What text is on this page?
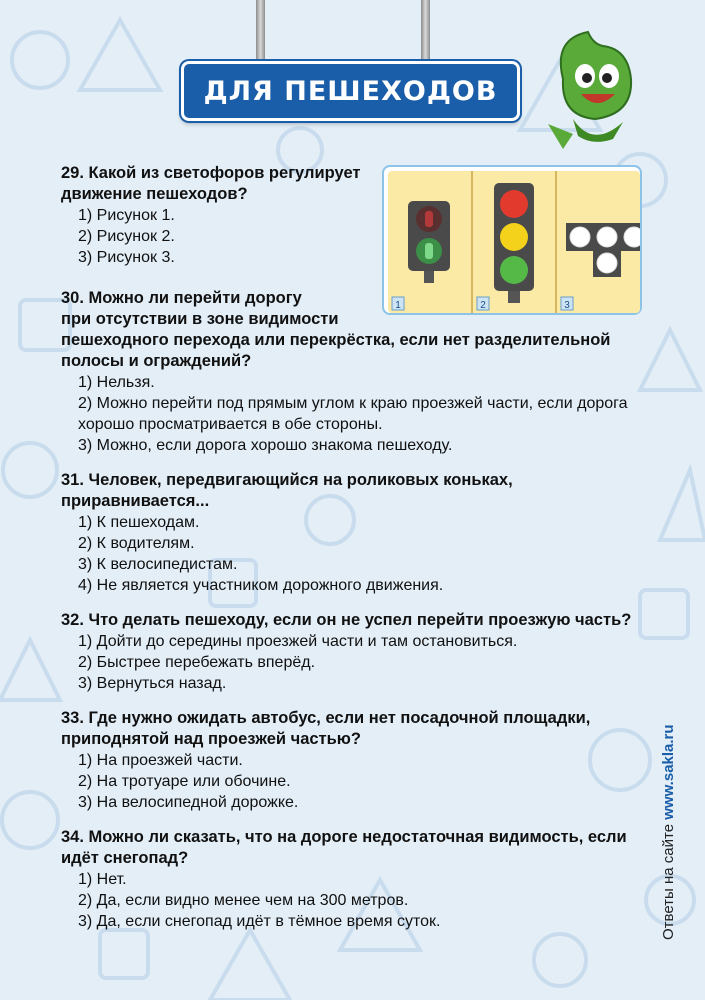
ДЛЯ ПЕШЕХОДОВ
1	2	3
29. Какой из светофоров регулирует движение пешеходов?
1) Рисунок 1.
2) Рисунок 2.
3) Рисунок 3.
30. Можно ли перейти дорогу
при отсутствии в зоне видимости
пешеходного перехода или перекрёстка, если нет разделительной полосы и ограждений?
1) Нельзя.
2) Можно перейти под прямым углом к краю проезжей части, если дорога хорошо просматривается в обе стороны.
3) Можно, если дорога хорошо знакома пешеходу.
31. Человек, передвигающийся на роликовых коньках, приравнивается...
1) К пешеходам.
2) К водителям.
3) К велосипедистам.
4) Не является участником дорожного движения.
32. Что делать пешеходу, если он не успел перейти проезжую часть?
1) Дойти до середины проезжей части и там остановиться.
2) Быстрее перебежать вперёд.
3) Вернуться назад.
33. Где нужно ожидать автобус, если нет посадочной площадки, приподнятой над проезжей частью?
1) На проезжей части.
2) На тротуаре или обочине.
3) На велосипедной дорожке.
34. Можно ли сказать, что на дороге недостаточная видимость, если идёт снегопад?
1) Нет.
2) Да, если видно менее чем на 300 метров.
3) Да, если снегопад идёт в тёмное время суток.	Ответы на сайте www.sakla.ru
